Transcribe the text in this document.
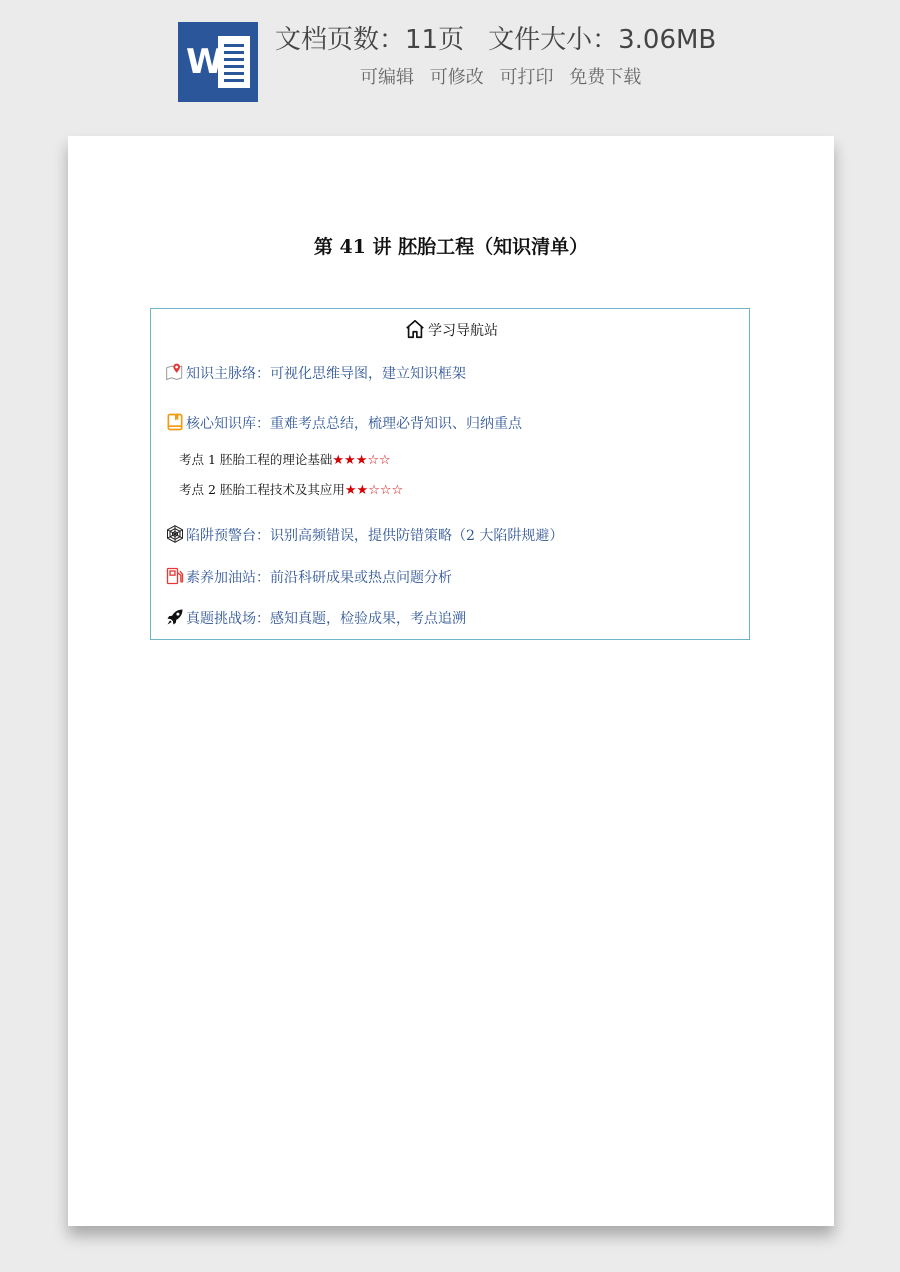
W
文档页数：11页 文件大小：3.06MB
可编辑 可修改 可打印 免费下载
第 41 讲 胚胎工程（知识清单）
学习导航站
知识主脉络：可视化思维导图，建立知识框架
核心知识库：重难考点总结，梳理必背知识、归纳重点
考点 1 胚胎工程的理论基础★★★☆☆
考点 2 胚胎工程技术及其应用★★☆☆☆
陷阱预警台：识别高频错误，提供防错策略（2 大陷阱规避）
素养加油站：前沿科研成果或热点问题分析
真题挑战场：感知真题，检验成果，考点追溯
